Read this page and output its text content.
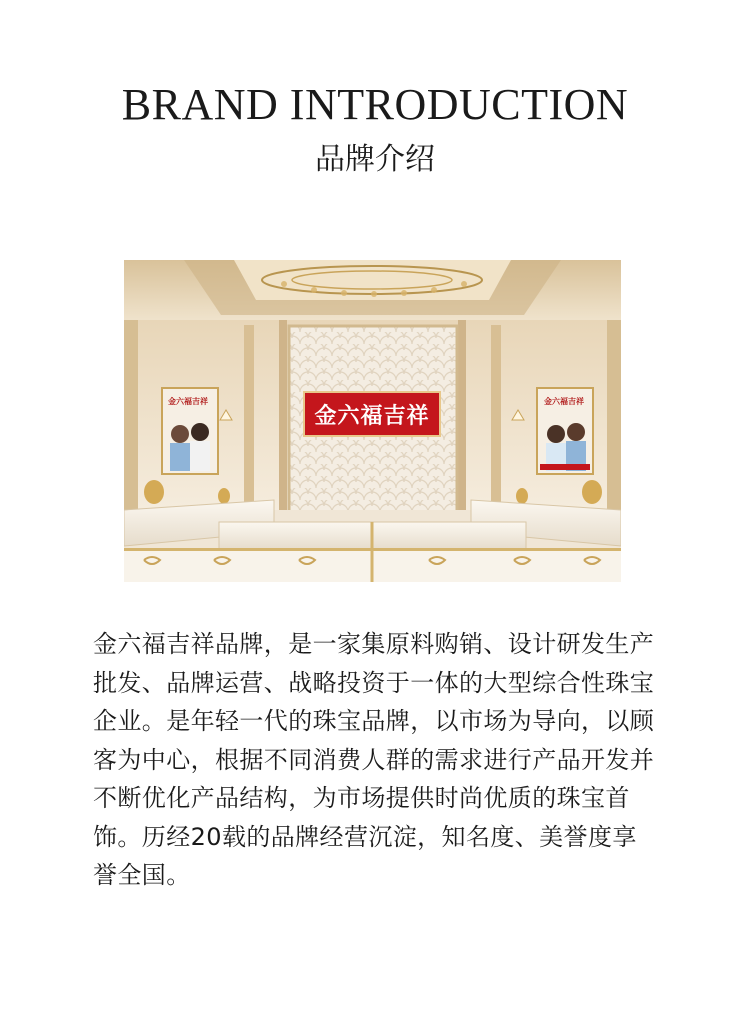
BRAND INTRODUCTION
品牌介绍
金六福吉祥
金六福吉祥	金六福吉祥

金六福吉祥品牌，是一家集原料购销、设计研发生产批发、品牌运营、战略投资于一体的大型综合性珠宝企业。是年轻一代的珠宝品牌，以市场为导向，以顾客为中心，根据不同消费人群的需求进行产品开发并不断优化产品结构，为市场提供时尚优质的珠宝首饰。历经20载的品牌经营沉淀，知名度、美誉度享誉全国。
